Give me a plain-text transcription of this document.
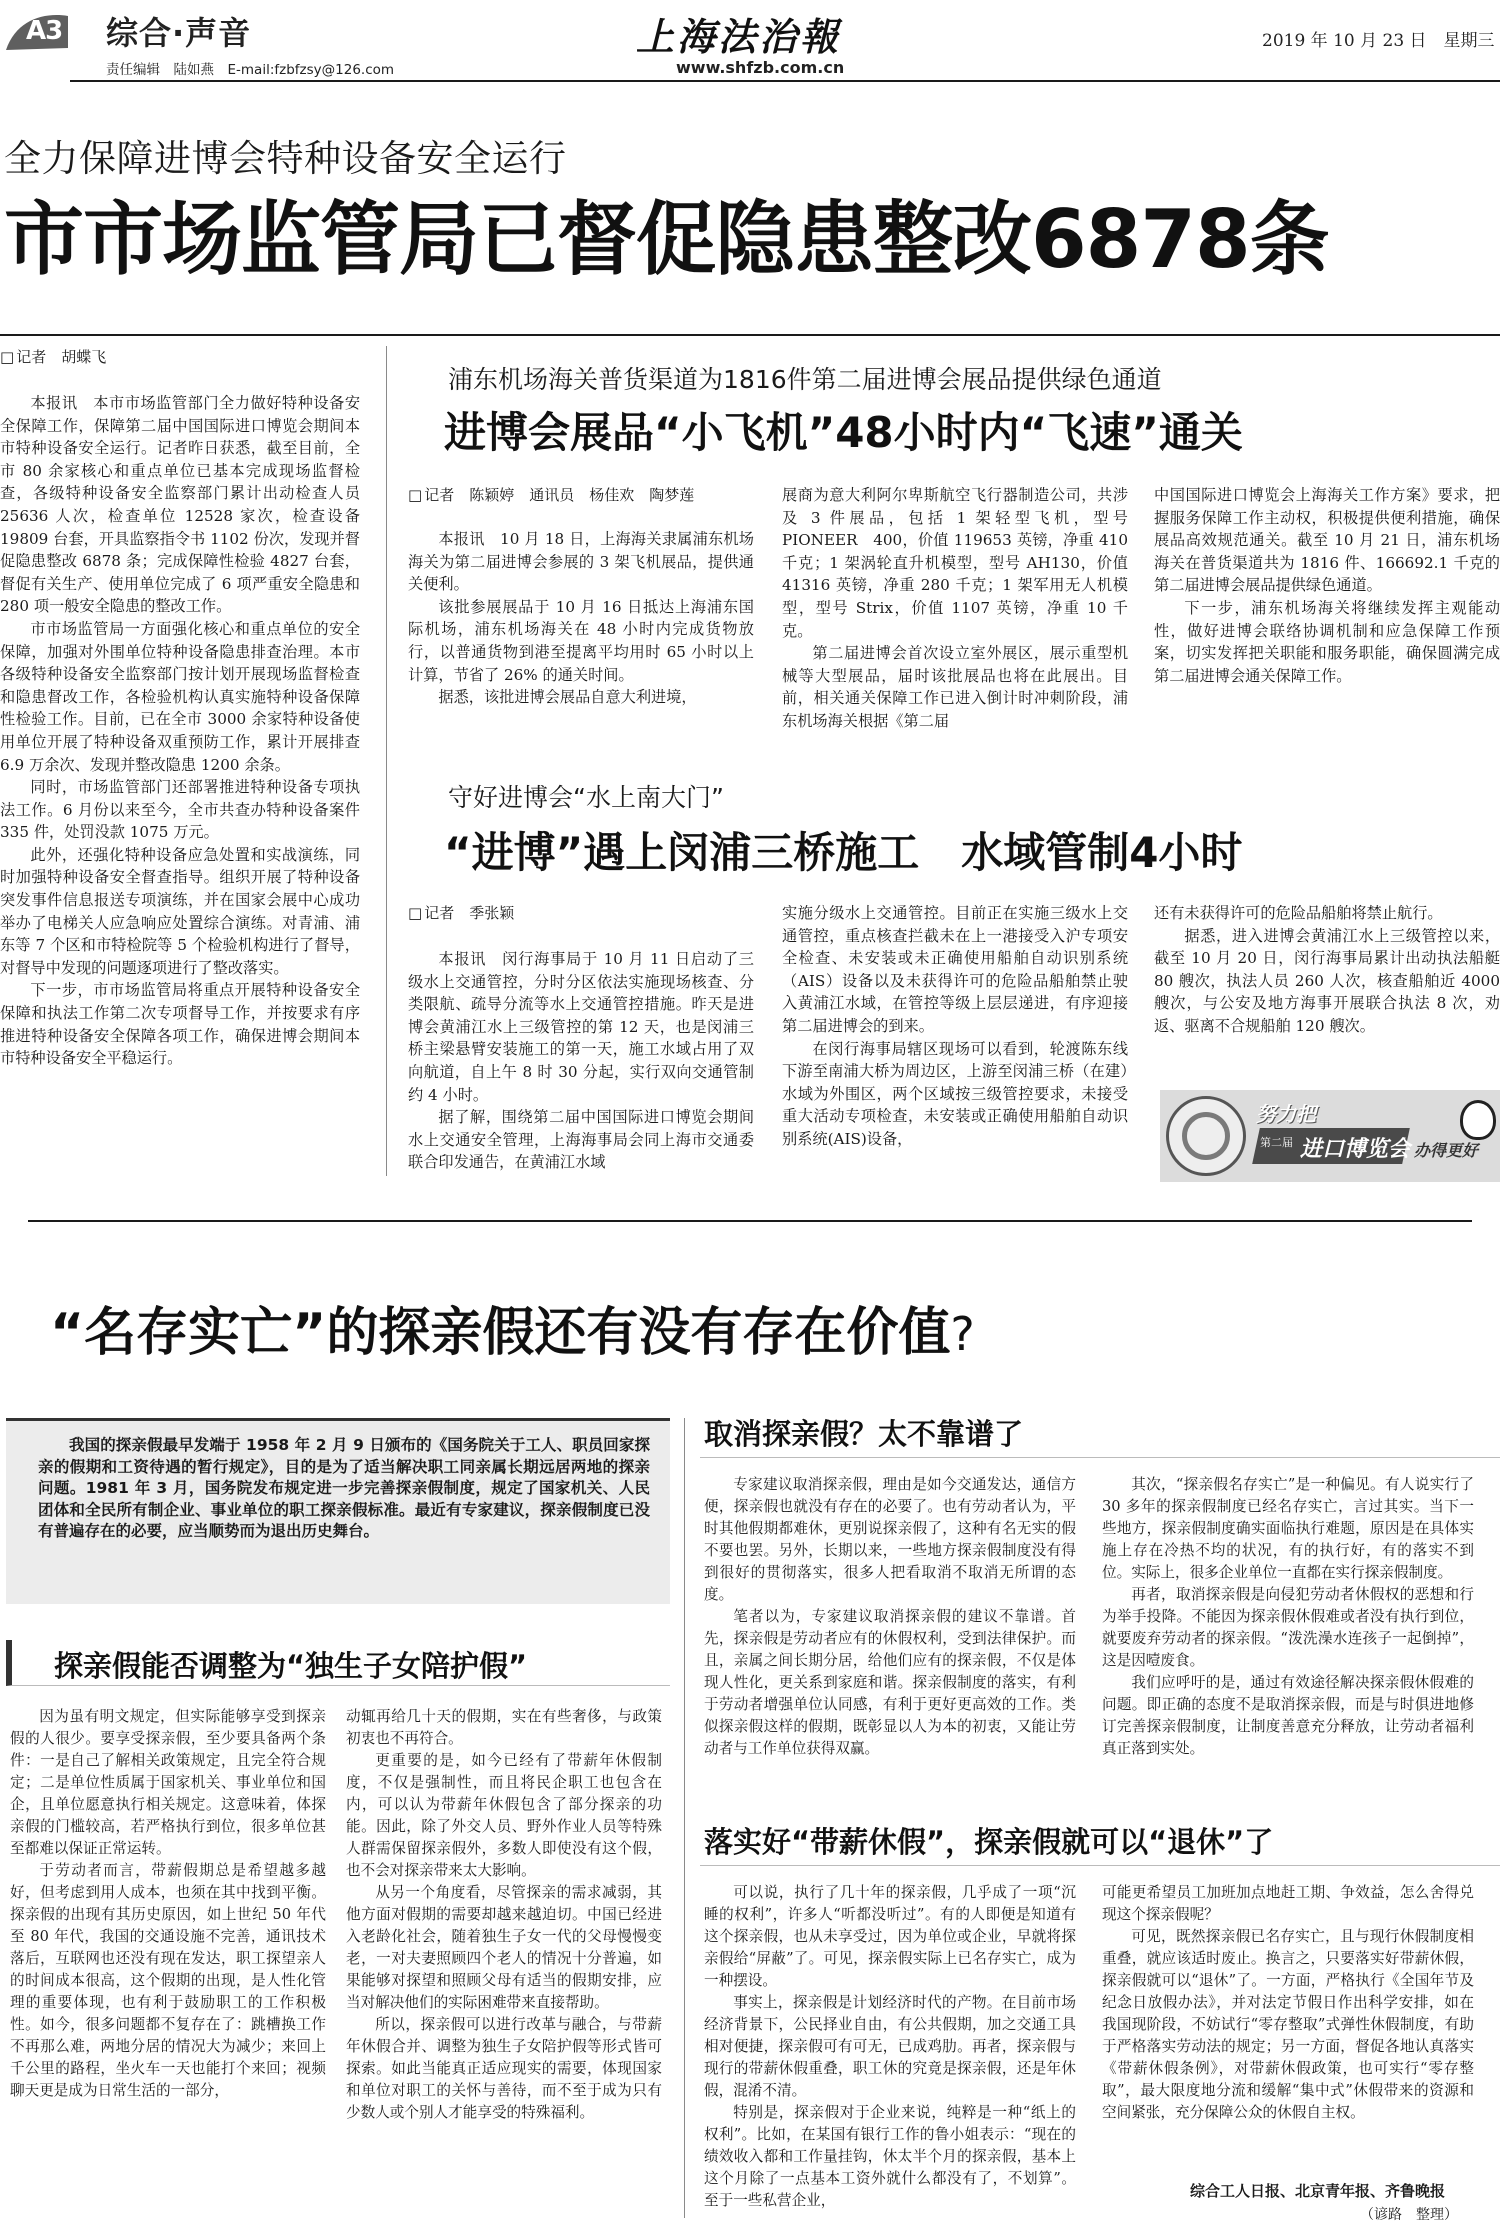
A3 综合·声音
责任编辑　陆如燕　E-mail:fzbfzsy@126.com
上海法治報
www.shfzb.com.cn
2019 年 10 月 23 日　星期三
全力保障进博会特种设备安全运行
市市场监管局已督促隐患整改6878条
□ 记者　胡蝶飞

本报讯　本市市场监管部门全力做好特种设备安全保障工作，保障第二届中国国际进口博览会期间本市特种设备安全运行。记者昨日获悉，截至目前，全市 80 余家核心和重点单位已基本完成现场监督检查，各级特种设备安全监察部门累计出动检查人员 25636 人次，检查单位 12528 家次，检查设备 19809 台套，开具监察指令书 1102 份次，发现并督促隐患整改 6878 条；完成保障性检验 4827 台套，督促有关生产、使用单位完成了 6 项严重安全隐患和 280 项一般安全隐患的整改工作。

市市场监管局一方面强化核心和重点单位的安全保障，加强对外围单位特种设备隐患排查治理。本市各级特种设备安全监察部门按计划开展现场监督检查和隐患督改工作，各检验机构认真实施特种设备保障性检验工作。目前，已在全市 3000 余家特种设备使用单位开展了特种设备双重预防工作，累计开展排查 6.9 万余次、发现并整改隐患 1200 余条。

同时，市场监管部门还部署推进特种设备专项执法工作。6 月份以来至今，全市共查办特种设备案件 335 件，处罚没款 1075 万元。

此外，还强化特种设备应急处置和实战演练，同时加强特种设备安全督查指导。组织开展了特种设备突发事件信息报送专项演练，并在国家会展中心成功举办了电梯关人应急响应处置综合演练。对青浦、浦东等 7 个区和市特检院等 5 个检验机构进行了督导，对督导中发现的问题逐项进行了整改落实。

下一步，市市场监管局将重点开展特种设备安全保障和执法工作第二次专项督导工作，并按要求有序推进特种设备安全保障各项工作，确保进博会期间本市特种设备安全平稳运行。

浦东机场海关普货渠道为1816件第二届进博会展品提供绿色通道
进博会展品“小飞机”48小时内“飞速”通关
□ 记者　陈颖婷　通讯员　杨佳欢　陶梦莲

本报讯　10 月 18 日，上海海关隶属浦东机场海关为第二届进博会参展的 3 架飞机展品，提供通关便利。

该批参展展品于 10 月 16 日抵达上海浦东国际机场，浦东机场海关在 48 小时内完成货物放行，以普通货物到港至提离平均用时 65 小时以上计算，节省了 26% 的通关时间。

据悉，该批进博会展品自意大利进境，

展商为意大利阿尔卑斯航空飞行器制造公司，共涉及 3 件展品，包括 1 架轻型飞机，型号 PIONEER　400，价值 119653 英镑，净重 410 千克；1 架涡轮直升机模型，型号 AH130，价值 41316 英镑，净重 280 千克；1 架军用无人机模型，型号 Strix，价值 1107 英镑，净重 10 千克。

第二届进博会首次设立室外展区，展示重型机械等大型展品，届时该批展品也将在此展出。目前，相关通关保障工作已进入倒计时冲刺阶段，浦东机场海关根据《第二届

中国国际进口博览会上海海关工作方案》要求，把握服务保障工作主动权，积极提供便利措施，确保展品高效规范通关。截至 10 月 21 日，浦东机场海关在普货渠道共为 1816 件、166692.1 千克的第二届进博会展品提供绿色通道。

下一步，浦东机场海关将继续发挥主观能动性，做好进博会联络协调机制和应急保障工作预案，切实发挥把关职能和服务职能，确保圆满完成第二届进博会通关保障工作。

守好进博会“水上南大门”
“进博”遇上闵浦三桥施工　水域管制4小时
□ 记者　季张颖

本报讯　闵行海事局于 10 月 11 日启动了三级水上交通管控，分时分区依法实施现场核查、分类限航、疏导分流等水上交通管控措施。昨天是进博会黄浦江水上三级管控的第 12 天，也是闵浦三桥主梁悬臂安装施工的第一天，施工水域占用了双向航道，自上午 8 时 30 分起，实行双向交通管制约 4 小时。

据了解，围绕第二届中国国际进口博览会期间水上交通安全管理，上海海事局会同上海市交通委联合印发通告，在黄浦江水域

实施分级水上交通管控。目前正在实施三级水上交通管控，重点核查拦截未在上一港接受入沪专项安全检查、未安装或未正确使用船舶自动识别系统（AIS）设备以及未获得许可的危险品船舶禁止驶入黄浦江水域，在管控等级上层层递进，有序迎接第二届进博会的到来。

在闵行海事局辖区现场可以看到，轮渡陈东线下游至南浦大桥为周边区，上游至闵浦三桥（在建）水域为外围区，两个区域按三级管控要求，未接受重大活动专项检查，未安装或正确使用船舶自动识别系统(AIS)设备，

还有未获得许可的危险品船舶将禁止航行。

据悉，进入进博会黄浦江水上三级管控以来，截至 10 月 20 日，闵行海事局累计出动执法船艇 80 艘次，执法人员 260 人次，核查船舶近 4000 艘次，与公安及地方海事开展联合执法 8 次，劝返、驱离不合规船舶 120 艘次。

努力把
第二届 进口博览会 办得更好
“名存实亡”的探亲假还有没有存在价值?
我国的探亲假最早发端于 1958 年 2 月 9 日颁布的《国务院关于工人、职员回家探亲的假期和工资待遇的暂行规定》，目的是为了适当解决职工同亲属长期远居两地的探亲问题。1981 年 3 月，国务院发布规定进一步完善探亲假制度，规定了国家机关、人民团体和全民所有制企业、事业单位的职工探亲假标准。最近有专家建议，探亲假制度已没有普遍存在的必要，应当顺势而为退出历史舞台。
探亲假能否调整为“独生子女陪护假”

因为虽有明文规定，但实际能够享受到探亲假的人很少。要享受探亲假，至少要具备两个条件：一是自己了解相关政策规定，且完全符合规定；二是单位性质属于国家机关、事业单位和国企，且单位愿意执行相关规定。这意味着，体探亲假的门槛较高，若严格执行到位，很多单位甚至都难以保证正常运转。

于劳动者而言，带薪假期总是希望越多越好，但考虑到用人成本，也须在其中找到平衡。探亲假的出现有其历史原因，如上世纪 50 年代至 80 年代，我国的交通设施不完善，通讯技术落后，互联网也还没有现在发达，职工探望亲人的时间成本很高，这个假期的出现，是人性化管理的重要体现，也有利于鼓励职工的工作积极性。如今，很多问题都不复存在了：跳槽换工作不再那么难，两地分居的情况大为减少；来回上千公里的路程，坐火车一天也能打个来回；视频聊天更是成为日常生活的一部分，

动辄再给几十天的假期，实在有些奢侈，与政策初衷也不再符合。

更重要的是，如今已经有了带薪年休假制度，不仅是强制性，而且将民企职工也包含在内，可以认为带薪年休假包含了部分探亲的功能。因此，除了外交人员、野外作业人员等特殊人群需保留探亲假外，多数人即使没有这个假，也不会对探亲带来太大影响。

从另一个角度看，尽管探亲的需求减弱，其他方面对假期的需要却越来越迫切。中国已经进入老龄化社会，随着独生子女一代的父母慢慢变老，一对夫妻照顾四个老人的情况十分普遍，如果能够对探望和照顾父母有适当的假期安排，应当对解决他们的实际困难带来直接帮助。

所以，探亲假可以进行改革与融合，与带薪年休假合并、调整为独生子女陪护假等形式皆可探索。如此当能真正适应现实的需要，体现国家和单位对职工的关怀与善待，而不至于成为只有少数人或个别人才能享受的特殊福利。

取消探亲假？太不靠谱了

专家建议取消探亲假，理由是如今交通发达，通信方便，探亲假也就没有存在的必要了。也有劳动者认为，平时其他假期都难休，更别说探亲假了，这种有名无实的假不要也罢。另外，长期以来，一些地方探亲假制度没有得到很好的贯彻落实，很多人把看取消不取消无所谓的态度。

笔者以为，专家建议取消探亲假的建议不靠谱。首先，探亲假是劳动者应有的休假权利，受到法律保护。而且，亲属之间长期分居，给他们应有的探亲假，不仅是体现人性化，更关系到家庭和谐。探亲假制度的落实，有利于劳动者增强单位认同感，有利于更好更高效的工作。类似探亲假这样的假期，既彰显以人为本的初衷，又能让劳动者与工作单位获得双赢。

其次，“探亲假名存实亡”是一种偏见。有人说实行了 30 多年的探亲假制度已经名存实亡，言过其实。当下一些地方，探亲假制度确实面临执行难题，原因是在具体实施上存在冷热不均的状况，有的执行好，有的落实不到位。实际上，很多企业单位一直都在实行探亲假制度。

再者，取消探亲假是向侵犯劳动者休假权的恶想和行为举手投降。不能因为探亲假休假难或者没有执行到位，就要废弃劳动者的探亲假。“泼洗澡水连孩子一起倒掉”，这是因噎废食。

我们应呼吁的是，通过有效途径解决探亲假休假难的问题。即正确的态度不是取消探亲假，而是与时俱进地修订完善探亲假制度，让制度善意充分释放，让劳动者福利真正落到实处。

落实好“带薪休假”，探亲假就可以“退休”了

可以说，执行了几十年的探亲假，几乎成了一项“沉睡的权利”，许多人“听都没听过”。有的人即便是知道有这个探亲假，也从未享受过，因为单位或企业，早就将探亲假给“屏蔽”了。可见，探亲假实际上已名存实亡，成为一种摆设。

事实上，探亲假是计划经济时代的产物。在目前市场经济背景下，公民择业自由，有公共假期，加之交通工具相对便捷，探亲假可有可无，已成鸡肋。再者，探亲假与现行的带薪休假重叠，职工休的究竟是探亲假，还是年休假，混淆不清。

特别是，探亲假对于企业来说，纯粹是一种“纸上的权利”。比如，在某国有银行工作的鲁小姐表示：“现在的绩效收入都和工作量挂钩，休太半个月的探亲假，基本上这个月除了一点基本工资外就什么都没有了，不划算”。至于一些私营企业，

可能更希望员工加班加点地赶工期、争效益，怎么舍得兑现这个探亲假呢？

可见，既然探亲假已名存实亡，且与现行休假制度相重叠，就应该适时废止。换言之，只要落实好带薪休假，探亲假就可以“退休”了。一方面，严格执行《全国年节及纪念日放假办法》，并对法定节假日作出科学安排，如在我国现阶段，不妨试行“零存整取”式弹性休假制度，有助于严格落实劳动法的规定；另一方面，督促各地认真落实《带薪休假条例》，对带薪休假政策，也可实行“零存整取”，最大限度地分流和缓解“集中式”休假带来的资源和空间紧张，充分保障公众的休假自主权。

综合工人日报、北京青年报、齐鲁晚报
（谚路　整理）
